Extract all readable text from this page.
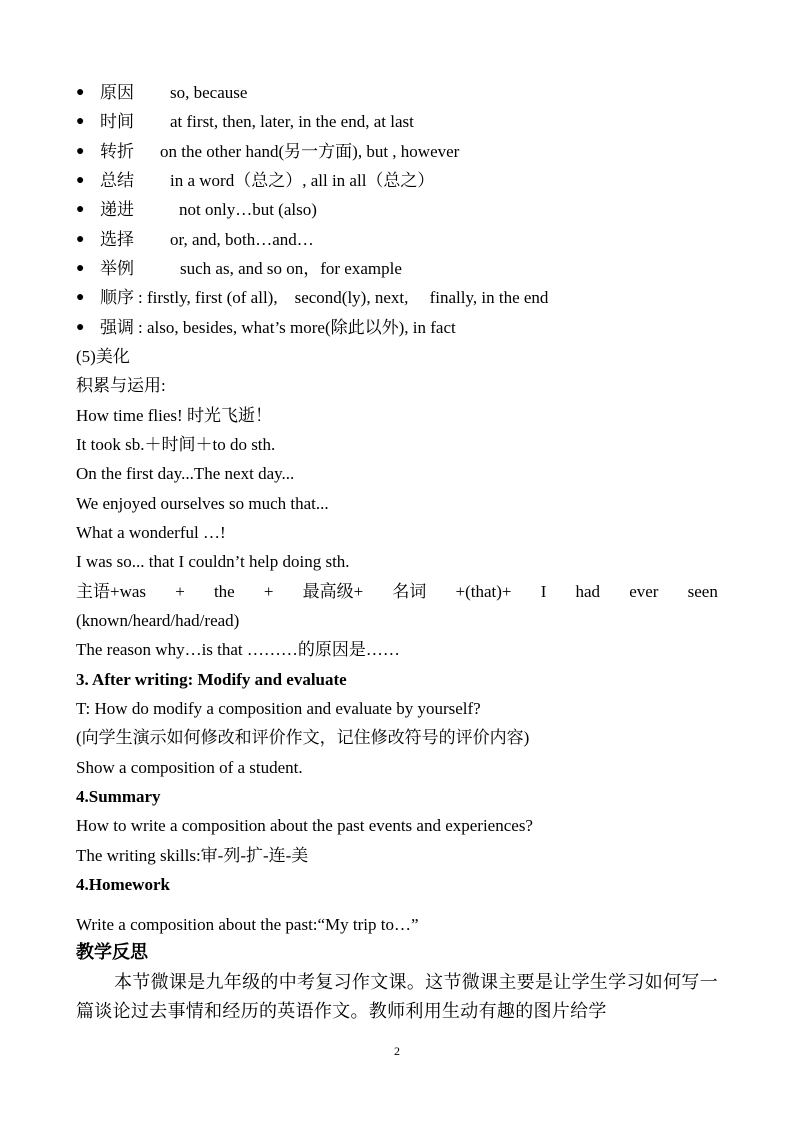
● 原因 so, because
● 时间 at first, then, later, in the end, at last
● 转折 on the other hand(另一方面), but , however
● 总结 in a word（总之）, all in all（总之）
● 递进	not only…but (also)
● 选择 or, and, both…and…
● 举例	such as, and so on，for example
● 顺序 : firstly, first (of all),    second(ly), next,     finally, in the end
● 强调 : also, besides, what’s more(除此以外), in fact
(5)美化
积累与运用:
How time flies! 时光飞逝！
It took sb.＋时间＋to do sth.
On the first day...The next day...
We enjoyed ourselves so much that...
What a wonderful …!
I was so... that I couldn’t help doing sth.
主语+was + the + 最高级+ 名词 +(that)+ I had ever seen
(known/heard/had/read)
The reason why…is that ………的原因是……
3. After writing: Modify and evaluate
T: How do modify a composition and evaluate by yourself?
(向学生演示如何修改和评价作文，记住修改符号的评价内容)
Show a composition of a student.
4.Summary
How to write a composition about the past events and experiences?
The writing skills:审-列-扩-连-美
4.Homework
Write a composition about the past:“My trip to…”
教学反思
本节微课是九年级的中考复习作文课。这节微课主要是让学生学习如何写一篇谈论过去事情和经历的英语作文。教师利用生动有趣的图片给学
2
